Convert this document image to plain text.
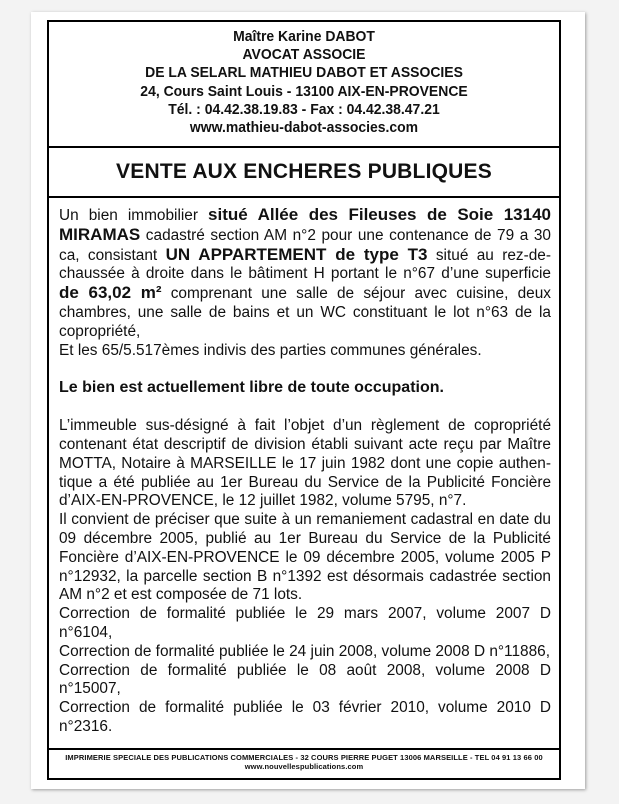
Maître Karine DABOT
AVOCAT ASSOCIE
DE LA SELARL MATHIEU DABOT ET ASSOCIES
24, Cours Saint Louis - 13100 AIX-EN-PROVENCE
Tél. : 04.42.38.19.83 - Fax : 04.42.38.47.21
www.mathieu-dabot-associes.com
VENTE AUX ENCHERES PUBLIQUES

Un bien immobilier situé Allée des Fileuses de Soie 13140 MIRAMAS cadastré section AM n°2 pour une contenance de 79 a 30 ca, consistant UN APPARTEMENT de type T3 situé au rez-de-chaussée à droite dans le bâtiment H portant le n°67 d’une superficie de 63,02 m² comprenant une salle de séjour avec cuisine, deux chambres, une salle de bains et un WC constituant le lot n°63 de la copropriété,

Et les 65/5.517èmes indivis des parties communes générales.

Le bien est actuellement libre de toute occupation.

L’immeuble sus-désigné à fait l’objet d’un règlement de copropriété contenant état descriptif de division établi suivant acte reçu par Maître MOTTA, Notaire à MARSEILLE le 17 juin 1982 dont une copie authentique a été publiée au 1er Bureau du Service de la Publicité Foncière d’AIX-EN-PROVENCE, le 12 juillet 1982, volume 5795, n°7.

Il convient de préciser que suite à un remaniement cadastral en date du 09 décembre 2005, publié au 1er Bureau du Service de la Publicité Foncière d’AIX-EN-PROVENCE le 09 décembre 2005, volume 2005 P n°12932, la parcelle section B n°1392 est désormais cadastrée section AM n°2 et est composée de 71 lots.

Correction de formalité publiée le 29 mars 2007, volume 2007 D n°6104,

Correction de formalité publiée le 24 juin 2008, volume 2008 D n°11886,

Correction de formalité publiée le 08 août 2008, volume 2008 D n°15007,

Correction de formalité publiée le 03 février 2010, volume 2010 D n°2316.

IMPRIMERIE SPECIALE DES PUBLICATIONS COMMERCIALES - 32 COURS PIERRE PUGET 13006 MARSEILLE - TEL 04 91 13 66 00
www.nouvellespublications.com
